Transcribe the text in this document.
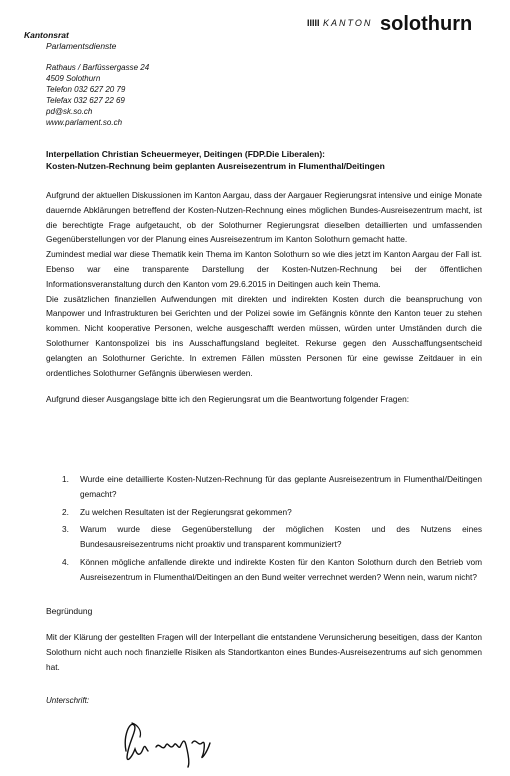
IIIII KANTON solothurn
Kantonsrat
Parlamentsdienste
Rathaus / Barfüssergasse 24
4509 Solothurn
Telefon 032 627 20 79
Telefax 032 627 22 69
pd@sk.so.ch
www.parlament.so.ch
Interpellation Christian Scheuermeyer, Deitingen (FDP.Die Liberalen):
Kosten-Nutzen-Rechnung beim geplanten Ausreisezentrum in Flumenthal/Deitingen

Aufgrund der aktuellen Diskussionen im Kanton Aargau, dass der Aargauer Regierungsrat intensive und einige Monate dauernde Abklärungen betreffend der Kosten-Nutzen-Rechnung eines möglichen Bundes-Ausreisezentrum macht, ist die berechtigte Frage aufgetaucht, ob der Solothurner Regierungsrat dieselben detaillierten und umfassenden Gegenüberstellungen vor der Planung eines Ausreisezentrum im Kanton Solothurn gemacht hatte.

Zumindest medial war diese Thematik kein Thema im Kanton Solothurn so wie dies jetzt im Kanton Aargau der Fall ist. Ebenso war eine transparente Darstellung der Kosten-Nutzen-Rechnung bei der öffentlichen Informationsveranstaltung durch den Kanton vom 29.6.2015 in Deitingen auch kein Thema.

Die zusätzlichen finanziellen Aufwendungen mit direkten und indirekten Kosten durch die beanspruchung von Manpower und Infrastrukturen bei Gerichten und der Polizei sowie im Gefängnis könnte den Kanton teuer zu stehen kommen. Nicht kooperative Personen, welche ausgeschafft werden müssen, würden unter Umständen durch die Solothurner Kantonspolizei bis ins Ausschaffungsland begleitet. Rekurse gegen den Ausschaffungsentscheid gelangten an Solothurner Gerichte. In extremen Fällen müssten Personen für eine gewisse Zeitdauer in ein ordentliches Solothurner Gefängnis überwiesen werden.

Aufgrund dieser Ausgangslage bitte ich den Regierungsrat um die Beantwortung folgender Fragen:

1.	Wurde eine detaillierte Kosten-Nutzen-Rechnung für das geplante Ausreisezentrum in Flumenthal/Deitingen gemacht?
2.	Zu welchen Resultaten ist der Regierungsrat gekommen?
3.	Warum wurde diese Gegenüberstellung der möglichen Kosten und des Nutzens eines Bundesausreisezentrums nicht proaktiv und transparent kommuniziert?
4.	Können mögliche anfallende direkte und indirekte Kosten für den Kanton Solothurn durch den Betrieb vom Ausreisezentrum in Flumenthal/Deitingen an den Bund weiter verrechnet werden? Wenn nein, warum nicht?
Begründung

Mit der Klärung der gestellten Fragen will der Interpellant die entstandene Verunsicherung beseitigen, dass der Kanton Solothurn nicht auch noch finanzielle Risiken als Standortkanton eines Bundes-Ausreisezentrums auf sich genommen hat.

Unterschrift:
